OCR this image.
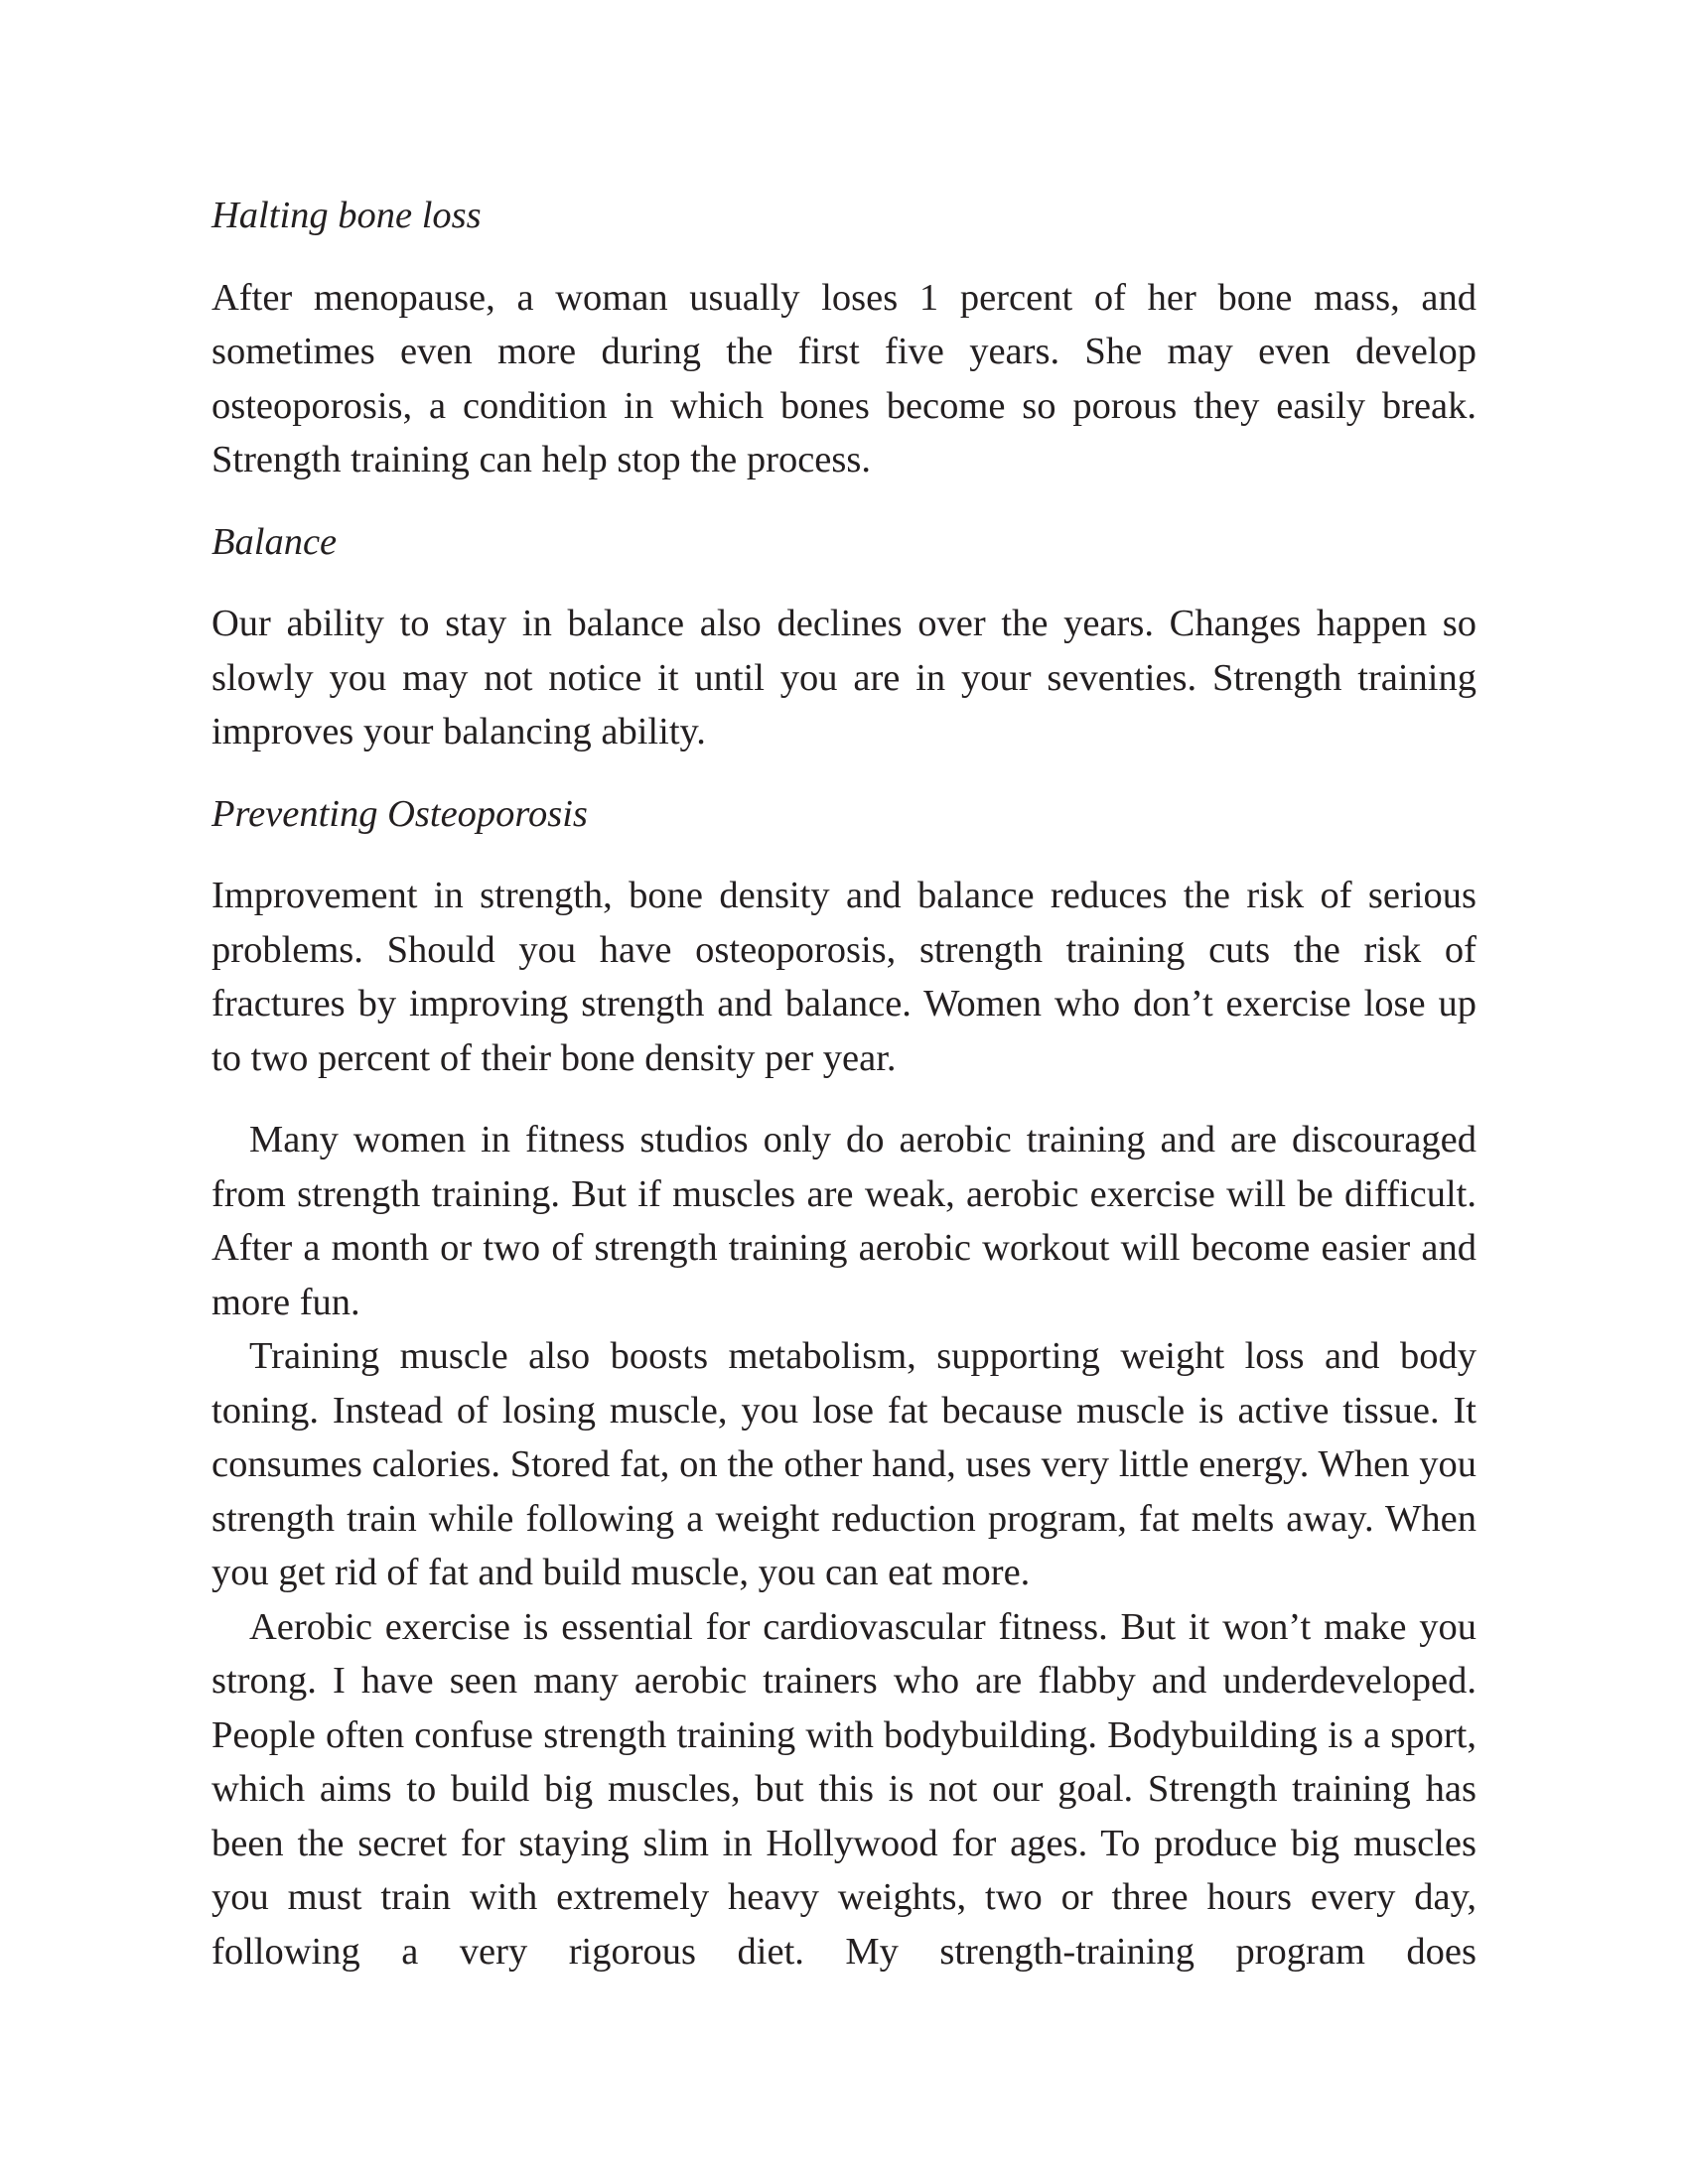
Halting bone loss

After menopause, a woman usually loses 1 percent of her bone mass, and sometimes even more during the first five years. She may even develop osteoporosis, a condition in which bones become so porous they easily break. Strength training can help stop the process.

Balance

Our ability to stay in balance also declines over the years. Changes happen so slowly you may not notice it until you are in your seventies. Strength training improves your balancing ability.

Preventing Osteoporosis

Improvement in strength, bone density and balance reduces the risk of serious problems. Should you have osteoporosis, strength training cuts the risk of fractures by improving strength and balance. Women who don’t exercise lose up to two percent of their bone density per year.

Many women in fitness studios only do aerobic training and are discouraged from strength training. But if muscles are weak, aerobic exercise will be difficult. After a month or two of strength training aerobic workout will become easier and more fun.

Training muscle also boosts metabolism, supporting weight loss and body toning. Instead of losing muscle, you lose fat because muscle is active tissue. It consumes calories. Stored fat, on the other hand, uses very little energy. When you strength train while following a weight reduction program, fat melts away. When you get rid of fat and build muscle, you can eat more.

Aerobic exercise is essential for cardiovascular fitness. But it won’t make you strong. I have seen many aerobic trainers who are flabby and underdeveloped. People often confuse strength training with bodybuilding. Bodybuilding is a sport, which aims to build big muscles, but this is not our goal. Strength training has been the secret for staying slim in Hollywood for ages. To produce big muscles you must train with extremely heavy weights, two or three hours every day, following a very rigorous diet. My strength-training program does
